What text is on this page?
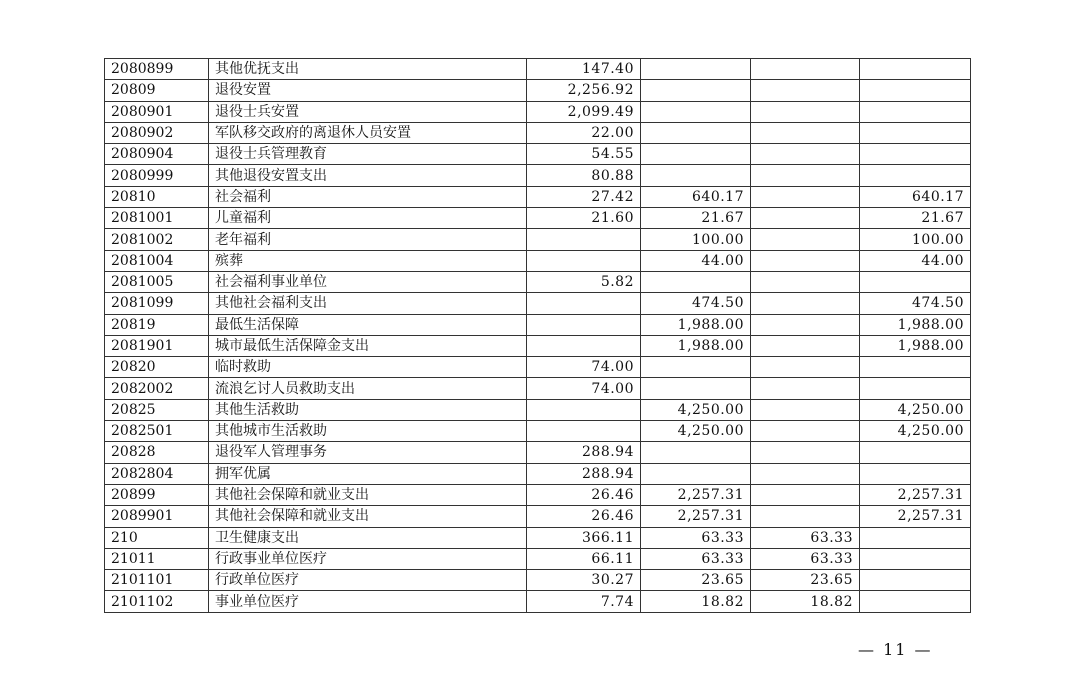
2080899	其他优抚支出	147.40			
20809	退役安置	2,256.92			
2080901	退役士兵安置	2,099.49			
2080902	军队移交政府的离退休人员安置	22.00			
2080904	退役士兵管理教育	54.55			
2080999	其他退役安置支出	80.88			
20810	社会福利	27.42	640.17		640.17
2081001	儿童福利	21.60	21.67		21.67
2081002	老年福利		100.00		100.00
2081004	殡葬		44.00		44.00
2081005	社会福利事业单位	5.82			
2081099	其他社会福利支出		474.50		474.50
20819	最低生活保障		1,988.00		1,988.00
2081901	城市最低生活保障金支出		1,988.00		1,988.00
20820	临时救助	74.00			
2082002	流浪乞讨人员救助支出	74.00			
20825	其他生活救助		4,250.00		4,250.00
2082501	其他城市生活救助		4,250.00		4,250.00
20828	退役军人管理事务	288.94			
2082804	拥军优属	288.94			
20899	其他社会保障和就业支出	26.46	2,257.31		2,257.31
2089901	其他社会保障和就业支出	26.46	2,257.31		2,257.31
210	卫生健康支出	366.11	63.33	63.33	
21011	行政事业单位医疗	66.11	63.33	63.33	
2101101	行政单位医疗	30.27	23.65	23.65	
2101102	事业单位医疗	7.74	18.82	18.82	
— 11 —
